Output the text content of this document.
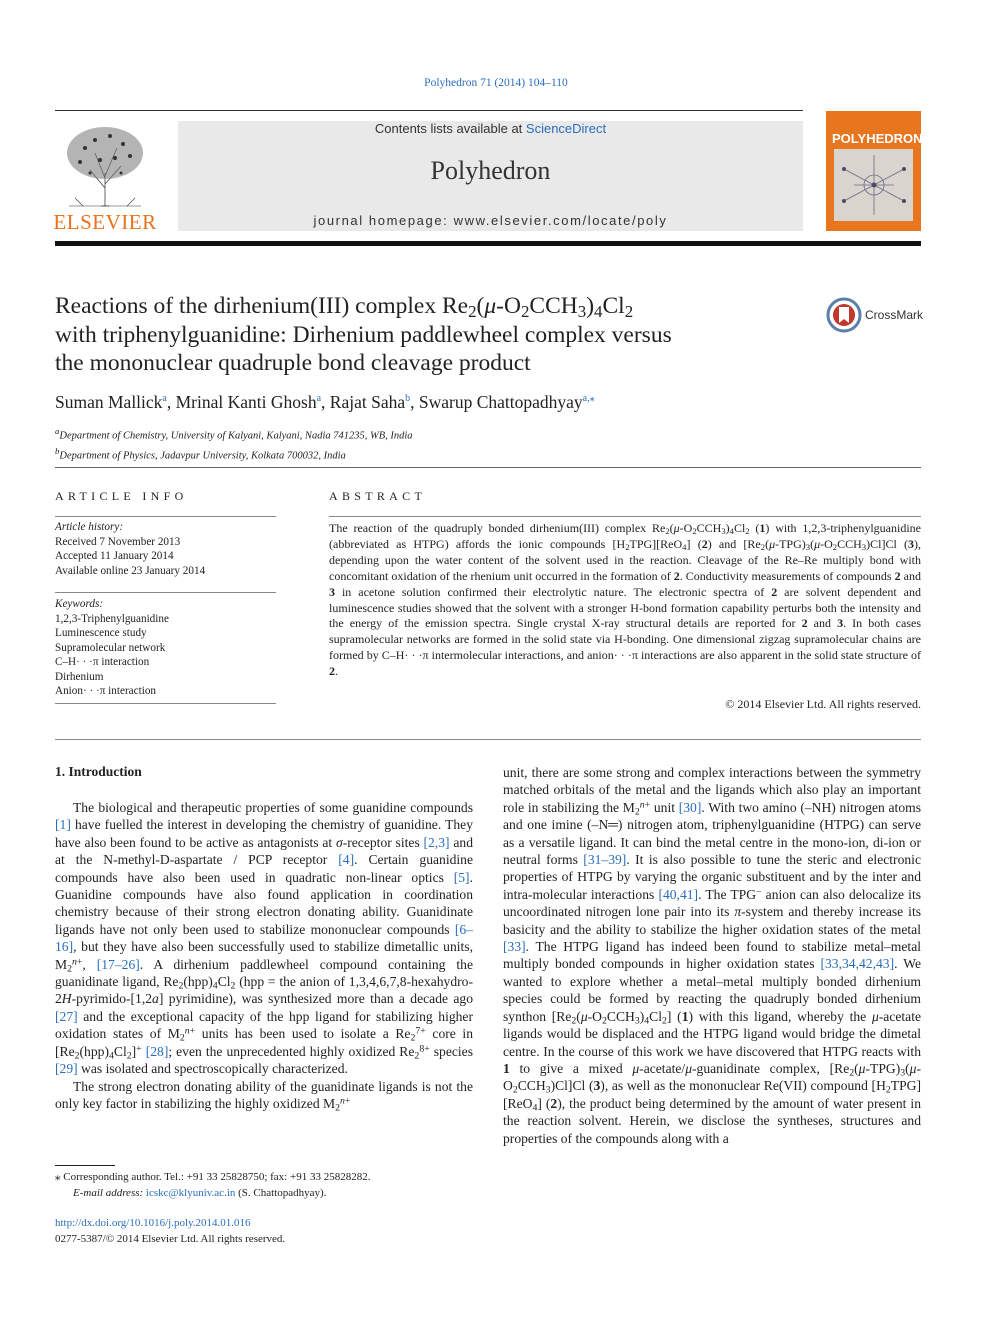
Polyhedron 71 (2014) 104–110
ELSEVIER
Contents lists available at ScienceDirect
Polyhedron
journal homepage: www.elsevier.com/locate/poly
POLYHEDRON
Reactions of the dirhenium(III) complex $Re_2(\mu-O_2CCH_3)_4Cl_2$
with triphenylguanidine: Dirhenium paddlewheel complex versus
the mononuclear quadruple bond cleavage product
CrossMark
Suman Mallick$^a$, Mrinal Kanti Ghosh$^a$, Rajat Saha$^b$, Swarup Chattopadhyay$^{a,⁎}$
$^a$Department of Chemistry, University of Kalyani, Kalyani, Nadia 741235, WB, India
$^b$Department of Physics, Jadavpur University, Kolkata 700032, India
ARTICLE INFO
Article history:
Received 7 November 2013
Accepted 11 January 2014
Available online 23 January 2014
Keywords:
1,2,3-Triphenylguanidine
Luminescence study
Supramolecular network
C–H· · ·π interaction
Dirhenium
Anion· · ·π interaction
ABSTRACT
The reaction of the quadruply bonded dirhenium(III) complex $Re_2(\mu-O_2CCH_3)_4Cl_2$ (1) with 1,2,3-triphenylguanidine (abbreviated as HTPG) affords the ionic compounds $[H_2TPG][ReO_4]$ (2) and $[Re_2(\mu-TPG)_3(\mu-O_2CCH_3)Cl]Cl$ (3), depending upon the water content of the solvent used in the reaction. Cleavage of the Re–Re multiply bond with concomitant oxidation of the rhenium unit occurred in the formation of 2. Conductivity measurements of compounds 2 and 3 in acetone solution confirmed their electrolytic nature. The electronic spectra of 2 are solvent dependent and luminescence studies showed that the solvent with a stronger H-bond formation capability perturbs both the intensity and the energy of the emission spectra. Single crystal X-ray structural details are reported for 2 and 3. In both cases supramolecular networks are formed in the solid state via H-bonding. One dimensional zigzag supramolecular chains are formed by C–H· · ·π intermolecular interactions, and anion· · ·π interactions are also apparent in the solid state structure of 2.
© 2014 Elsevier Ltd. All rights reserved.
1. Introduction

The biological and therapeutic properties of some guanidine compounds [1] have fuelled the interest in developing the chemistry of guanidine. They have also been found to be active as antagonists at σ-receptor sites [2,3] and at the N-methyl-D-aspartate / PCP receptor [4]. Certain guanidine compounds have also been used in quadratic non-linear optics [5]. Guanidine compounds have also found application in coordination chemistry because of their strong electron donating ability. Guanidinate ligands have not only been used to stabilize mononuclear compounds [6–16], but they have also been successfully used to stabilize dimetallic units, $M_2^{n+}$, [17–26]. A dirhenium paddlewheel compound containing the guanidinate ligand, $Re_2(hpp)_4Cl_2$ (hpp = the anion of 1,3,4,6,7,8-hexahydro-2H-pyrimido-[1,2a] pyrimidine), was synthesized more than a decade ago [27] and the exceptional capacity of the hpp ligand for stabilizing higher oxidation states of $M_2^{n+}$ units has been used to isolate a $Re_2^{7+}$ core in $[Re_2(hpp)_4Cl_2]^+$ [28]; even the unprecedented highly oxidized $Re_2^{8+}$ species [29] was isolated and spectroscopically characterized.

The strong electron donating ability of the guanidinate ligands is not the only key factor in stabilizing the highly oxidized $M_2^{n+}$

unit, there are some strong and complex interactions between the symmetry matched orbitals of the metal and the ligands which also play an important role in stabilizing the $M_2^{n+}$ unit [30]. With two amino (–NH) nitrogen atoms and one imine (–N═) nitrogen atom, triphenylguanidine (HTPG) can serve as a versatile ligand. It can bind the metal centre in the mono-ion, di-ion or neutral forms [31–39]. It is also possible to tune the steric and electronic properties of HTPG by varying the organic substituent and by the inter and intra-molecular interactions [40,41]. The TPG− anion can also delocalize its uncoordinated nitrogen lone pair into its π-system and thereby increase its basicity and the ability to stabilize the higher oxidation states of the metal [33]. The HTPG ligand has indeed been found to stabilize metal–metal multiply bonded compounds in higher oxidation states [33,34,42,43]. We wanted to explore whether a metal–metal multiply bonded dirhenium species could be formed by reacting the quadruply bonded dirhenium synthon $[Re_2(\mu-O_2CCH_3)_4Cl_2]$ (1) with this ligand, whereby the μ-acetate ligands would be displaced and the HTPG ligand would bridge the dimetal centre. In the course of this work we have discovered that HTPG reacts with 1 to give a mixed μ-acetate/μ-guanidinate complex, $[Re_2(\mu-TPG)_3(\mu-O_2CCH_3)Cl]Cl$ (3), as well as the mononuclear Re(VII) compound $[H_2TPG][ReO_4]$ (2), the product being determined by the amount of water present in the reaction solvent. Herein, we disclose the syntheses, structures and properties of the compounds along with a

⁎ Corresponding author. Tel.: +91 33 25828750; fax: +91 33 25828282.
E-mail address: icskc@klyuniv.ac.in (S. Chattopadhyay).
http://dx.doi.org/10.1016/j.poly.2014.01.016
0277-5387/© 2014 Elsevier Ltd. All rights reserved.
